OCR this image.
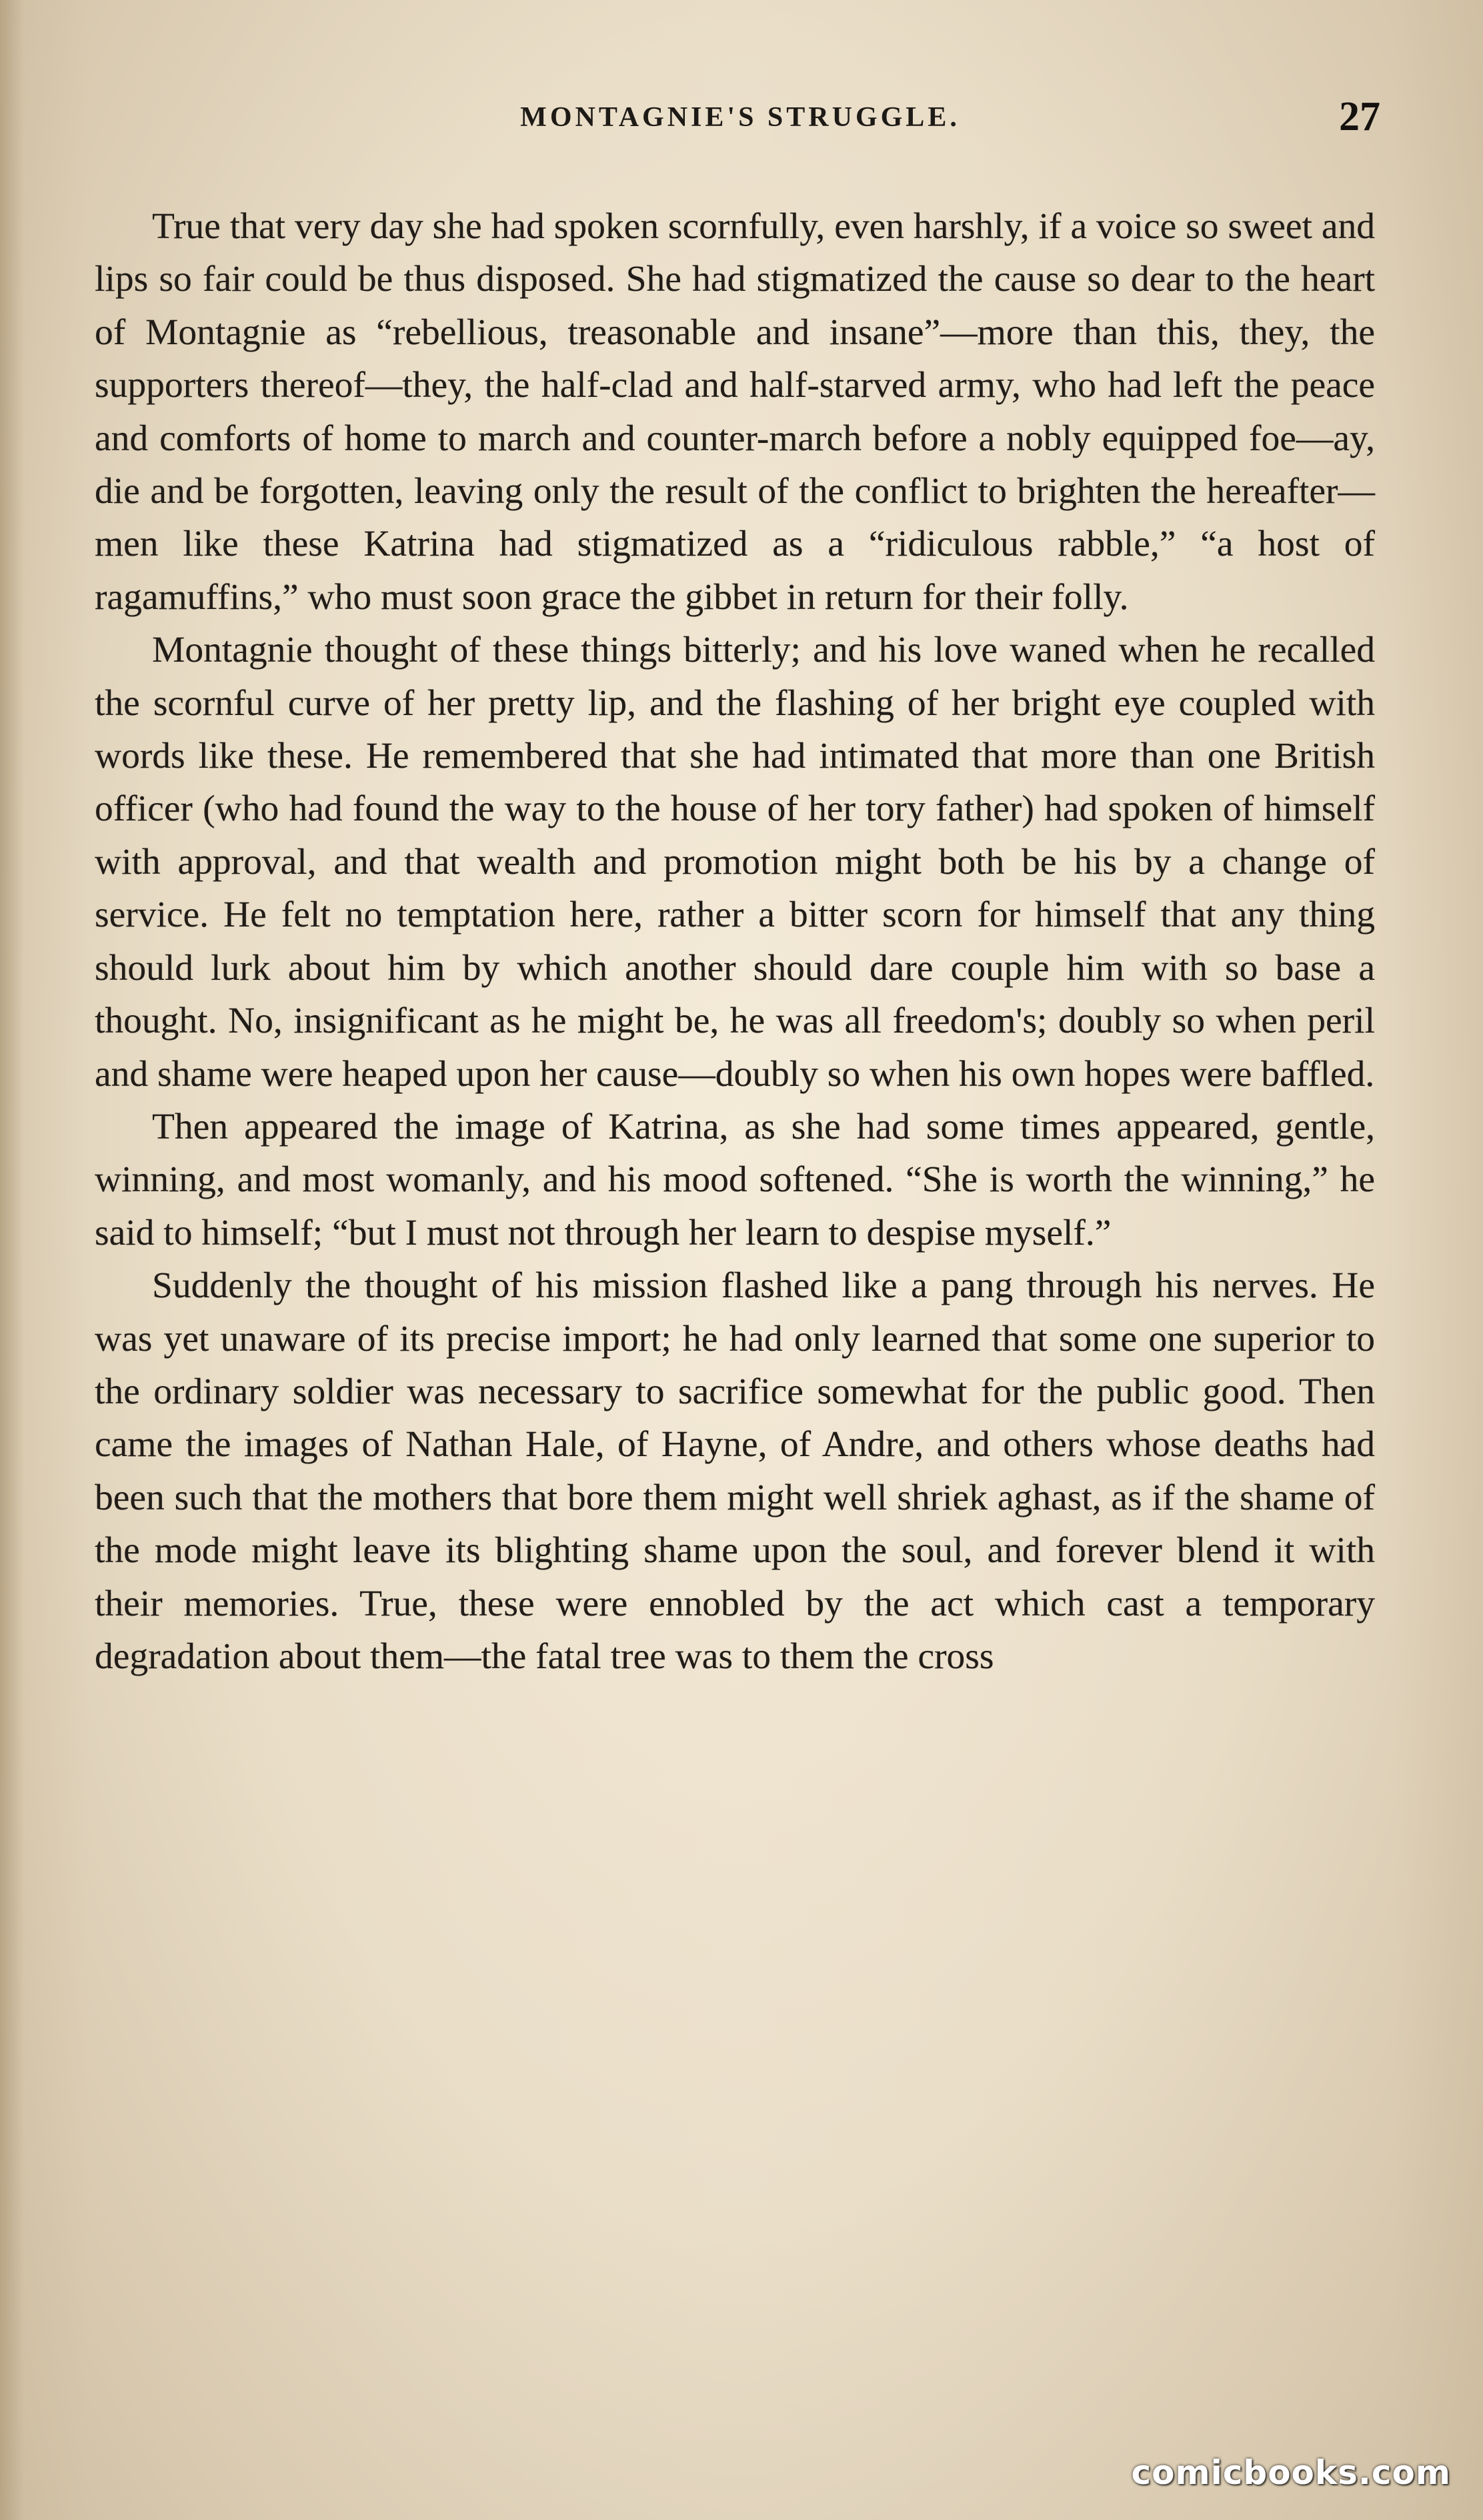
MONTAGNIE'S STRUGGLE.	27

True that very day she had spoken scornfully, even harshly, if a voice so sweet and lips so fair could be thus disposed. She had stigmatized the cause so dear to the heart of Montagnie as “rebellious, treasonable and insane”—more than this, they, the supporters thereof—they, the half-clad and half-starved army, who had left the peace and comforts of home to march and counter-march before a nobly equipped foe—ay, die and be forgotten, leaving only the result of the conflict to brighten the hereafter—men like these Katrina had stigmatized as a “ridiculous rabble,” “a host of ragamuffins,” who must soon grace the gibbet in return for their folly.

Montagnie thought of these things bitterly; and his love waned when he recalled the scornful curve of her pretty lip, and the flashing of her bright eye coupled with words like these. He remembered that she had intimated that more than one British officer (who had found the way to the house of her tory father) had spoken of himself with approval, and that wealth and promotion might both be his by a change of service. He felt no temptation here, rather a bitter scorn for himself that any thing should lurk about him by which another should dare couple him with so base a thought. No, insignificant as he might be, he was all freedom's; doubly so when peril and shame were heaped upon her cause—doubly so when his own hopes were baffled.

Then appeared the image of Katrina, as she had some times appeared, gentle, winning, and most womanly, and his mood softened. “She is worth the winning,” he said to himself; “but I must not through her learn to despise myself.”

Suddenly the thought of his mission flashed like a pang through his nerves. He was yet unaware of its precise import; he had only learned that some one superior to the ordinary soldier was necessary to sacrifice somewhat for the public good. Then came the images of Nathan Hale, of Hayne, of Andre, and others whose deaths had been such that the mothers that bore them might well shriek aghast, as if the shame of the mode might leave its blighting shame upon the soul, and forever blend it with their memories. True, these were ennobled by the act which cast a temporary degradation about them—the fatal tree was to them the cross

comicbooks.com
